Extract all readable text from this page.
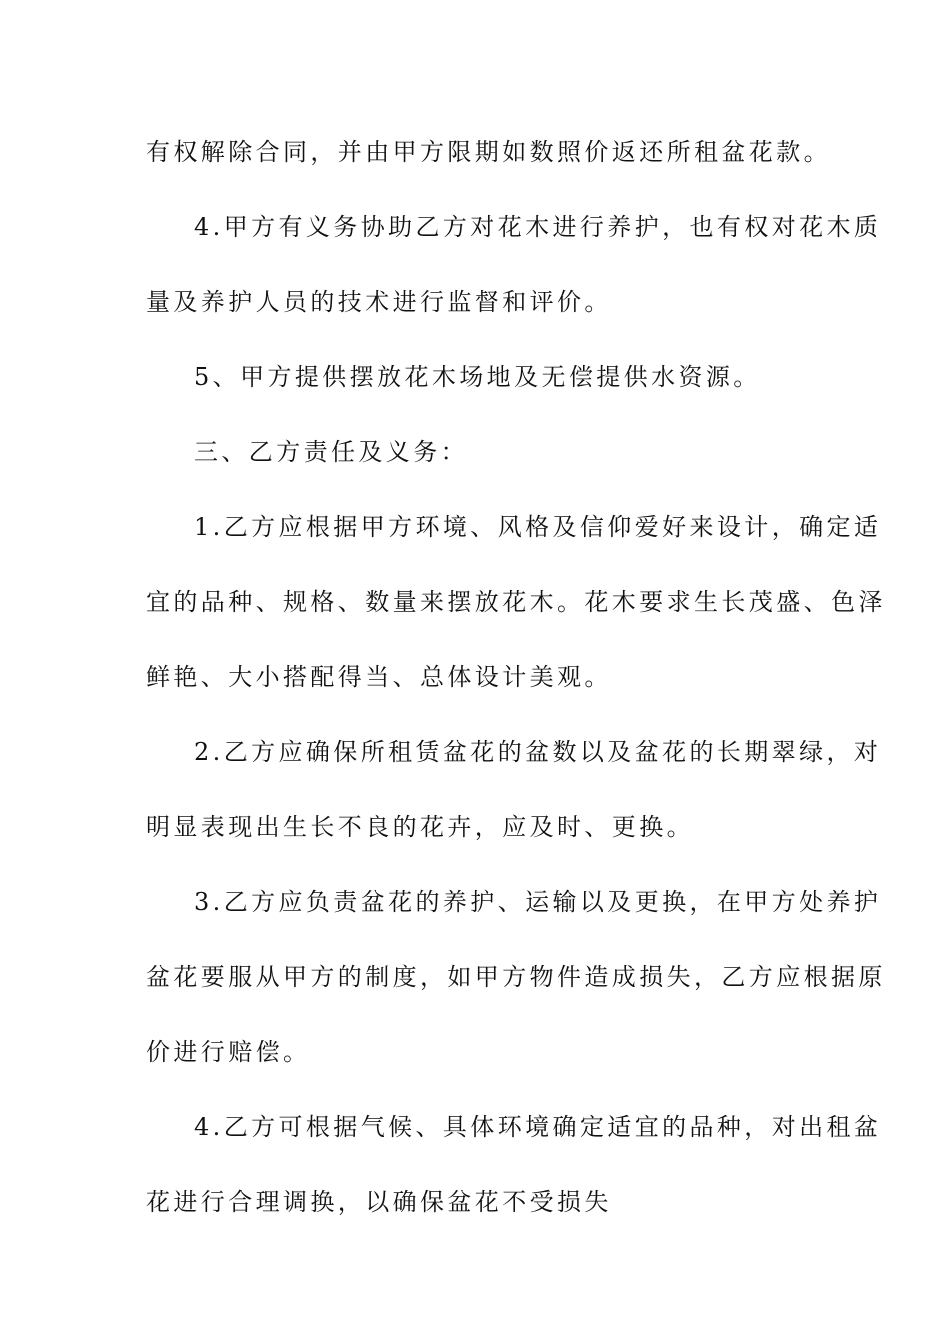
有权解除合同，并由甲方限期如数照价返还所租盆花款。
4.甲方有义务协助乙方对花木进行养护，也有权对花木质
量及养护人员的技术进行监督和评价。
5、甲方提供摆放花木场地及无偿提供水资源。
三、乙方责任及义务：
1.乙方应根据甲方环境、风格及信仰爱好来设计，确定适
宜的品种、规格、数量来摆放花木。花木要求生长茂盛、色泽
鲜艳、大小搭配得当、总体设计美观。
2.乙方应确保所租赁盆花的盆数以及盆花的长期翠绿，对
明显表现出生长不良的花卉，应及时、更换。
3.乙方应负责盆花的养护、运输以及更换，在甲方处养护
盆花要服从甲方的制度，如甲方物件造成损失，乙方应根据原
价进行赔偿。
4.乙方可根据气候、具体环境确定适宜的品种，对出租盆
花进行合理调换，以确保盆花不受损失
